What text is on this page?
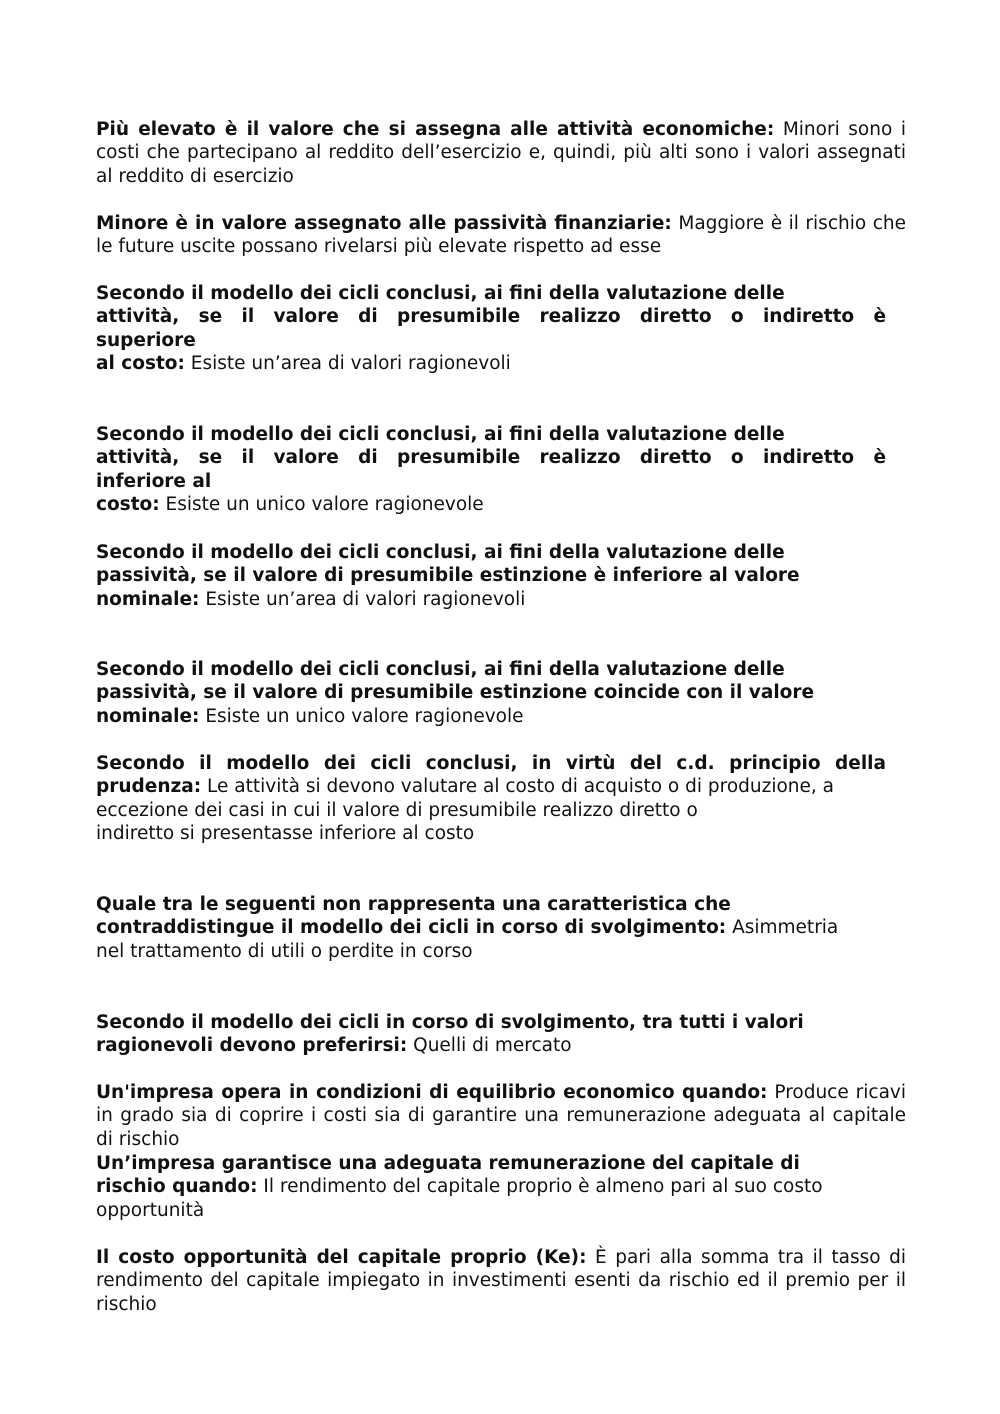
Più elevato è il valore che si assegna alle attività economiche: Minori sono i costi che partecipano al reddito dell’esercizio e, quindi, più alti sono i valori assegnati al reddito di esercizio

Minore è in valore assegnato alle passività finanziarie: Maggiore è il rischio che le future uscite possano rivelarsi più elevate rispetto ad esse

Secondo il modello dei cicli conclusi, ai fini della valutazione delle
attività, se il valore di presumibile realizzo diretto o indiretto è
superiore
al costo: Esiste un’area di valori ragionevoli
Secondo il modello dei cicli conclusi, ai fini della valutazione delle
attività, se il valore di presumibile realizzo diretto o indiretto è
inferiore al
costo: Esiste un unico valore ragionevole
Secondo il modello dei cicli conclusi, ai fini della valutazione delle
passività, se il valore di presumibile estinzione è inferiore al valore
nominale: Esiste un’area di valori ragionevoli
Secondo il modello dei cicli conclusi, ai fini della valutazione delle
passività, se il valore di presumibile estinzione coincide con il valore
nominale: Esiste un unico valore ragionevole
Secondo il modello dei cicli conclusi, in virtù del c.d. principio della
prudenza: Le attività si devono valutare al costo di acquisto o di produzione, a
eccezione dei casi in cui il valore di presumibile realizzo diretto o
indiretto si presentasse inferiore al costo
Quale tra le seguenti non rappresenta una caratteristica che
contraddistingue il modello dei cicli in corso di svolgimento: Asimmetria
nel trattamento di utili o perdite in corso
Secondo il modello dei cicli in corso di svolgimento, tra tutti i valori
ragionevoli devono preferirsi: Quelli di mercato

Un'impresa opera in condizioni di equilibrio economico quando: Produce ricavi in grado sia di coprire i costi sia di garantire una remunerazione adeguata al capitale di rischio

Un’impresa garantisce una adeguata remunerazione del capitale di
rischio quando: Il rendimento del capitale proprio è almeno pari al suo costo opportunità

Il costo opportunità del capitale proprio (Ke): È pari alla somma tra il tasso di rendimento del capitale impiegato in investimenti esenti da rischio ed il premio per il rischio
